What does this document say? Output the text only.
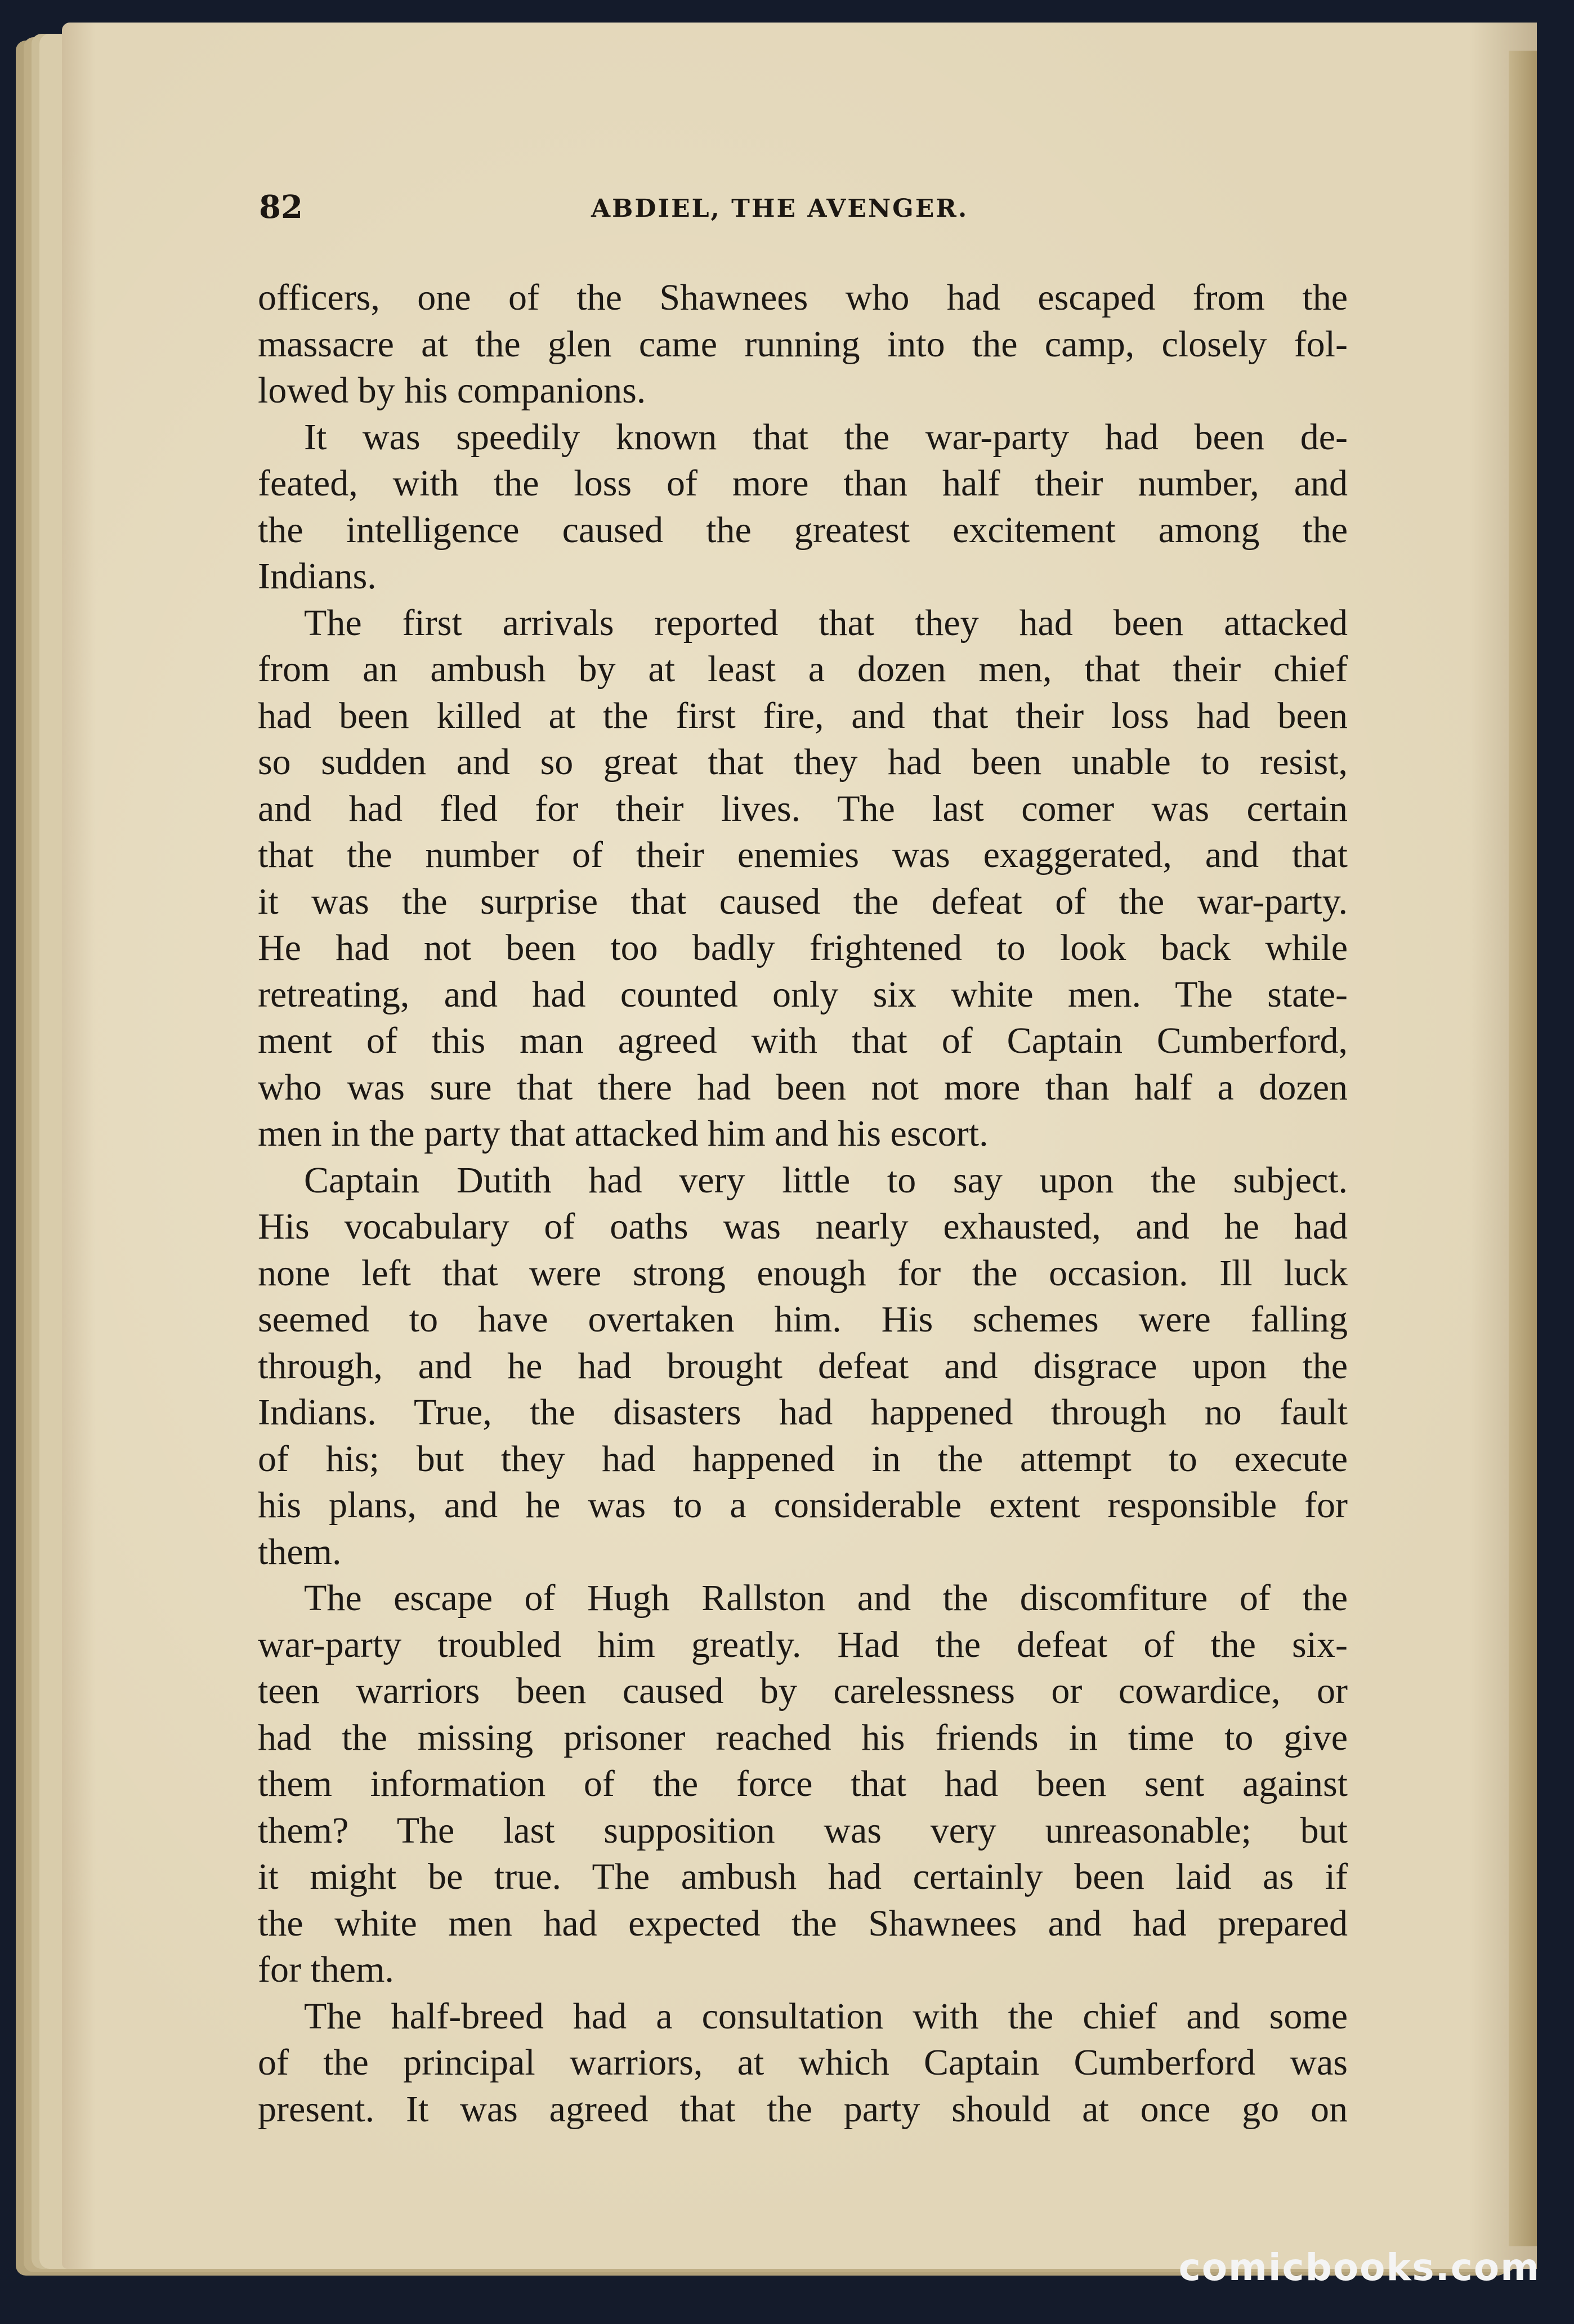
82	ABDIEL, THE AVENGER.
officers, one of the Shawnees who had escaped from the
massacre at the glen came running into the camp, closely fol-
lowed by his companions.
It was speedily known that the war-party had been de-
feated, with the loss of more than half their number, and
the intelligence caused the greatest excitement among the
Indians.
The first arrivals reported that they had been attacked
from an ambush by at least a dozen men, that their chief
had been killed at the first fire, and that their loss had been
so sudden and so great that they had been unable to resist,
and had fled for their lives. The last comer was certain
that the number of their enemies was exaggerated, and that
it was the surprise that caused the defeat of the war-party.
He had not been too badly frightened to look back while
retreating, and had counted only six white men. The state-
ment of this man agreed with that of Captain Cumberford,
who was sure that there had been not more than half a dozen
men in the party that attacked him and his escort.
Captain Dutith had very little to say upon the subject.
His vocabulary of oaths was nearly exhausted, and he had
none left that were strong enough for the occasion. Ill luck
seemed to have overtaken him. His schemes were falling
through, and he had brought defeat and disgrace upon the
Indians. True, the disasters had happened through no fault
of his; but they had happened in the attempt to execute
his plans, and he was to a considerable extent responsible for
them.
The escape of Hugh Rallston and the discomfiture of the
war-party troubled him greatly. Had the defeat of the six-
teen warriors been caused by carelessness or cowardice, or
had the missing prisoner reached his friends in time to give
them information of the force that had been sent against
them? The last supposition was very unreasonable; but
it might be true. The ambush had certainly been laid as if
the white men had expected the Shawnees and had prepared
for them.
The half-breed had a consultation with the chief and some
of the principal warriors, at which Captain Cumberford was
present. It was agreed that the party should at once go on
comicbooks.com
